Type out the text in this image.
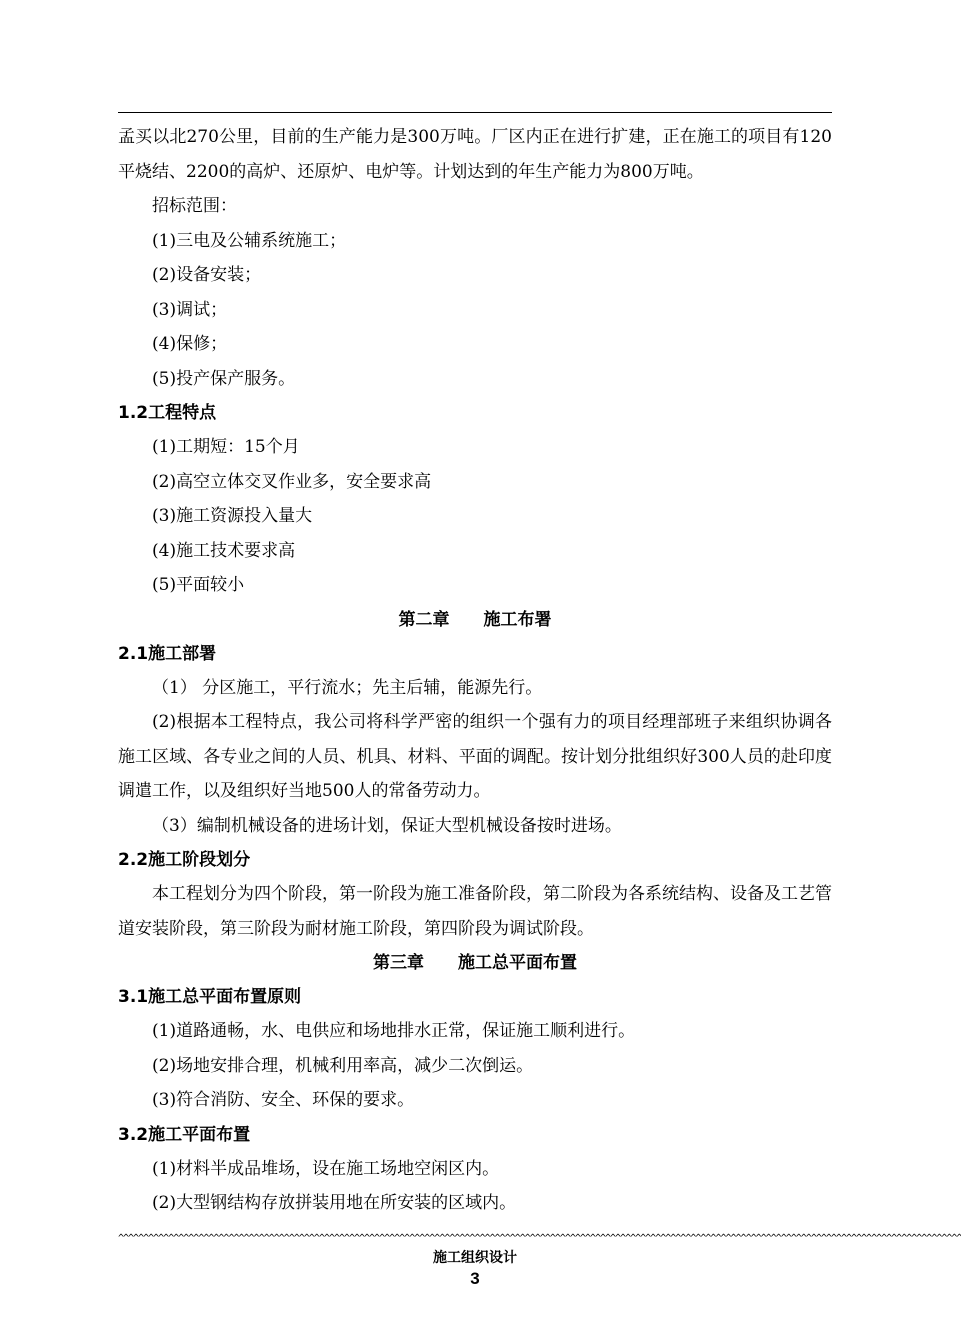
孟买以北270公里，目前的生产能力是300万吨。厂区内正在进行扩建，正在施工的项目有120平烧结、2200的高炉、还原炉、电炉等。计划达到的年生产能力为800万吨。

招标范围：

(1)三电及公辅系统施工；

(2)设备安装；

(3)调试；

(4)保修；

(5)投产保产服务。

1.2工程特点

(1)工期短：15个月

(2)高空立体交叉作业多，安全要求高

(3)施工资源投入量大

(4)施工技术要求高

(5)平面较小

第二章 施工布署

2.1施工部署

（1） 分区施工，平行流水；先主后辅，能源先行。

(2)根据本工程特点，我公司将科学严密的组织一个强有力的项目经理部班子来组织协调各施工区域、各专业之间的人员、机具、材料、平面的调配。按计划分批组织好300人员的赴印度调遣工作，以及组织好当地500人的常备劳动力。

（3）编制机械设备的进场计划，保证大型机械设备按时进场。

2.2施工阶段划分

本工程划分为四个阶段，第一阶段为施工准备阶段，第二阶段为各系统结构、设备及工艺管道安装阶段，第三阶段为耐材施工阶段，第四阶段为调试阶段。

第三章 施工总平面布置

3.1施工总平面布置原则

(1)道路通畅，水、电供应和场地排水正常，保证施工顺利进行。

(2)场地安排合理，机械利用率高，减少二次倒运。

(3)符合消防、安全、环保的要求。

3.2施工平面布置

(1)材料半成品堆场，设在施工场地空闲区内。

(2)大型钢结构存放拼装用地在所安装的区域内。

^^^^^^^^^^^^^^^^^^^^^^^^^^^^^^^^^^^^^^^^^^^^^^^^^^^^^^^^^^^^^^^^^^^^^^^^^^^^^^^^^^^^^^^^^^^^^^^^^^^^^^^^^^^^^^^^^^^^^^^^^^^^^^^^^^^^^^^^^^^^^^^^^^^^^^^^^^^^^^^^^^^^^^^^
施工组织设计
3
